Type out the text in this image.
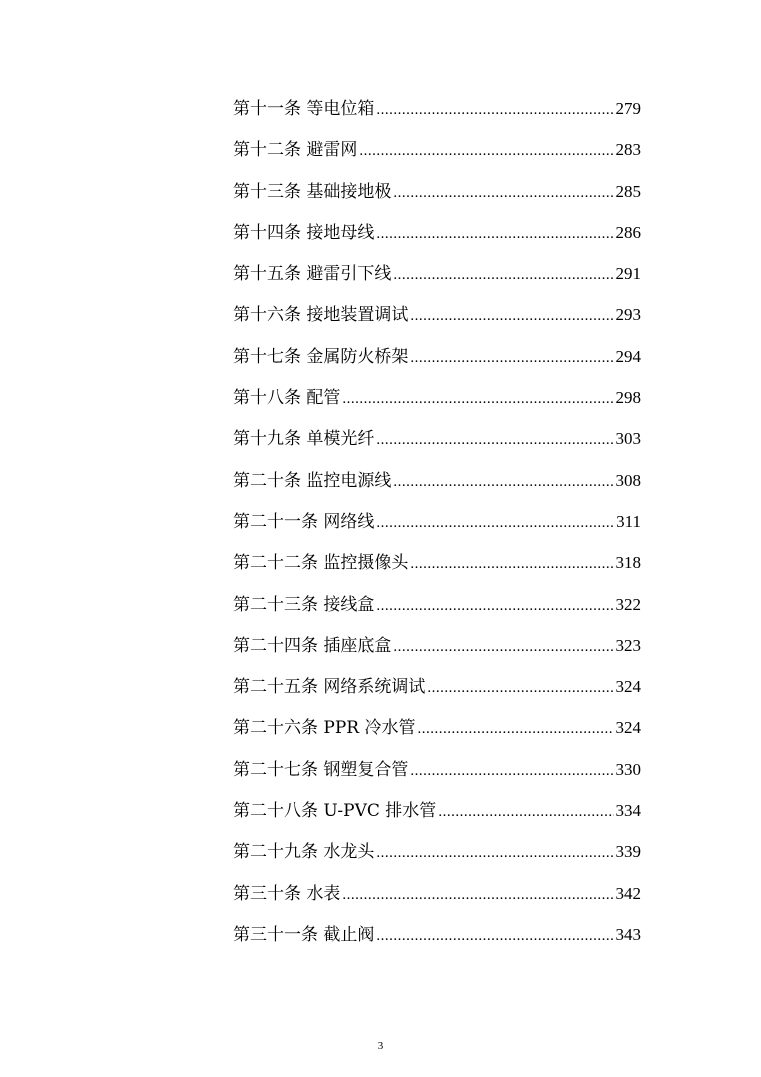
第十一条 等电位箱 .....	279
第十二条 避雷网 .....	283
第十三条 基础接地极 .....	285
第十四条 接地母线 .....	286
第十五条 避雷引下线 .....	291
第十六条 接地装置调试 .....	293
第十七条 金属防火桥架 .....	294
第十八条 配管 .....	298
第十九条 单模光纤 .....	303
第二十条 监控电源线 .....	308
第二十一条 网络线 .....	311
第二十二条 监控摄像头 .....	318
第二十三条 接线盒 .....	322
第二十四条 插座底盒 .....	323
第二十五条 网络系统调试 .....	324
第二十六条 PPR 冷水管 .....	324
第二十七条 钢塑复合管 .....	330
第二十八条 U-PVC 排水管 .....	334
第二十九条 水龙头 .....	339
第三十条 水表 .....	342
第三十一条 截止阀 .....	343
3
